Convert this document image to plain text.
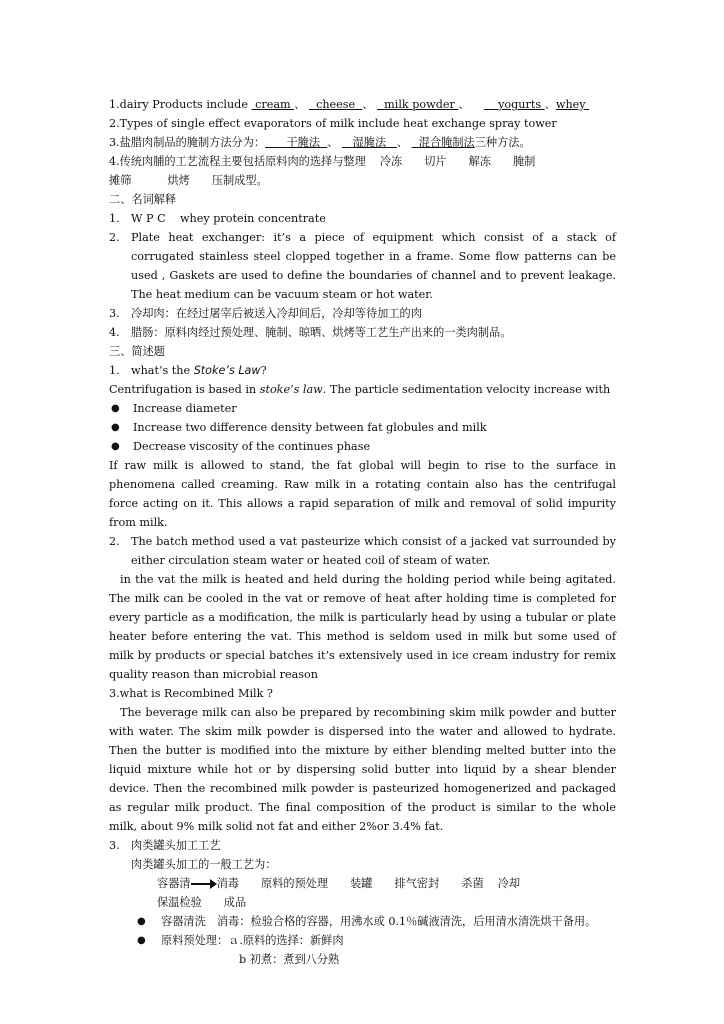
1.dairy Products include cream 、 cheese 、 milk powder 、	yogurts 、whey
2.Types of single effect evaporators of milk include heat exchange spray tower
3.盐腊肉制品的腌制方法分为： 干腌法 、 湿腌法 、 混合腌制法三种方法。
4.传统肉脯的工艺流程主要包括原料肉的选择与整理 冷冻 切片 解冻 腌制
摊筛	烘烤 压制成型。
二、名词解释
1. W P C whey protein concentrate
2. Plate heat exchanger: it’s a piece of equipment which consist of a stack of corrugated stainless steel clopped together in a frame. Some flow patterns can be used , Gaskets are used to define the boundaries of channel and to prevent leakage. The heat medium can be vacuum steam or hot water.
3. 冷却肉：在经过屠宰后被送入冷却间后，冷却等待加工的肉
4. 腊肠：原料肉经过预处理、腌制、晾晒、烘烤等工艺生产出来的一类肉制品。
三、简述题
1. what’s the Stoke’s Law?
Centrifugation is based in stoke’s law. The particle sedimentation velocity increase with
● Increase diameter
● Increase two difference density between fat globules and milk
● Decrease viscosity of the continues phase
If raw milk is allowed to stand, the fat global will begin to rise to the surface in phenomena called creaming. Raw milk in a rotating contain also has the centrifugal force acting on it. This allows a rapid separation of milk and removal of solid impurity from milk.
2. The batch method used a vat pasteurize which consist of a jacked vat surrounded by either circulation steam water or heated coil of steam of water.
in the vat the milk is heated and held during the holding period while being agitated. The milk can be cooled in the vat or remove of heat after holding time is completed for every particle as a modification, the milk is particularly head by using a tubular or plate heater before entering the vat. This method is seldom used in milk but some used of milk by products or special batches it’s extensively used in ice cream industry for remix quality reason than microbial reason
3.what is Recombined Milk ?
The beverage milk can also be prepared by recombining skim milk powder and butter with water. The skim milk powder is dispersed into the water and allowed to hydrate. Then the butter is modified into the mixture by either blending melted butter into the liquid mixture while hot or by dispersing solid butter into liquid by a shear blender device. Then the recombined milk powder is pasteurized homogenerized and packaged as regular milk product. The final composition of the product is similar to the whole milk, about 9% milk solid not fat and either 2%or 3.4% fat.
3. 肉类罐头加工工艺
肉类罐头加工的一般工艺为：
容器清 消毒 原料的预处理 装罐 排气密封 杀菌 冷却
保温检验 成品
● 容器清洗　消毒：检验合格的容器，用沸水或 0.1％碱液清洗，后用清水清洗烘干备用。
● 原料预处理：ａ.原料的选择：新鲜肉
b 初煮：煮到八分熟
